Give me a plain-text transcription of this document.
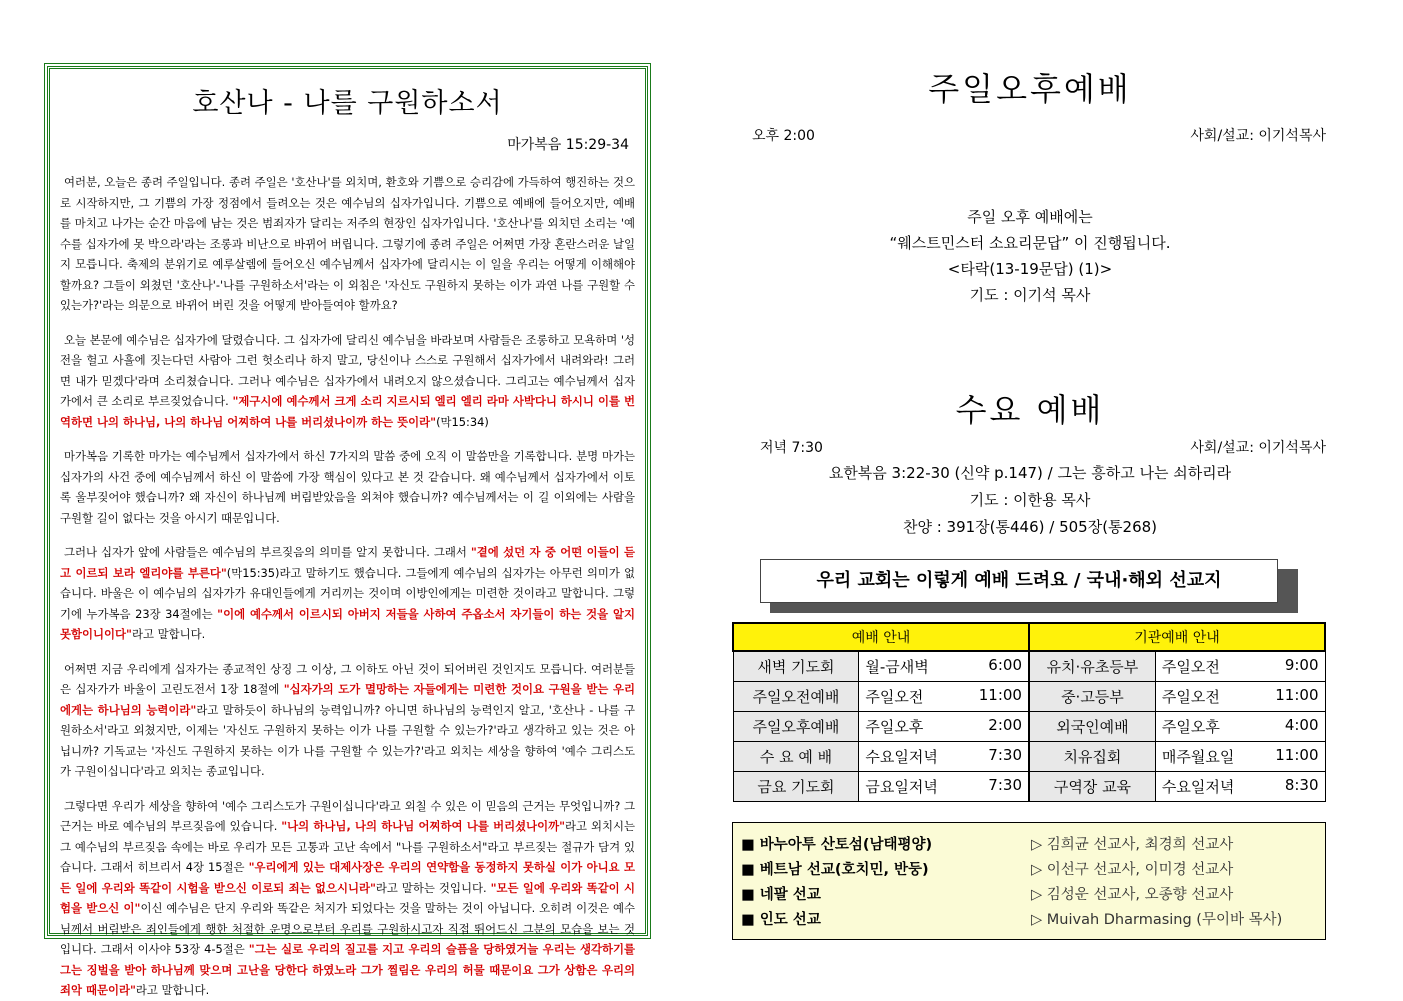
호산나 - 나를 구원하소서
마가복음 15:29-34

여러분, 오늘은 종려 주일입니다. 종려 주일은 '호산나'를 외치며, 환호와 기쁨으로 승리감에 가득하여 행진하는 것으로 시작하지만, 그 기쁨의 가장 정점에서 들려오는 것은 예수님의 십자가입니다. 기쁨으로 예배에 들어오지만, 예배를 마치고 나가는 순간 마음에 남는 것은 범죄자가 달리는 저주의 현장인 십자가입니다. '호산나'를 외치던 소리는 '예수를 십자가에 못 박으라'라는 조롱과 비난으로 바뀌어 버립니다. 그렇기에 종려 주일은 어쩌면 가장 혼란스러운 날일지 모릅니다. 축제의 분위기로 예루살렘에 들어오신 예수님께서 십자가에 달리시는 이 일을 우리는 어떻게 이해해야 할까요? 그들이 외쳤던 '호산나'-'나를 구원하소서'라는 이 외침은 '자신도 구원하지 못하는 이가 과연 나를 구원할 수 있는가?'라는 의문으로 바뀌어 버린 것을 어떻게 받아들여야 할까요?

오늘 본문에 예수님은 십자가에 달렸습니다. 그 십자가에 달리신 예수님을 바라보며 사람들은 조롱하고 모욕하며 '성전을 헐고 사흘에 짓는다던 사람아 그런 헛소리나 하지 말고, 당신이나 스스로 구원해서 십자가에서 내려와라! 그러면 내가 믿겠다'라며 소리쳤습니다. 그러나 예수님은 십자가에서 내려오지 않으셨습니다. 그리고는 예수님께서 십자가에서 큰 소리로 부르짖었습니다. "제구시에 예수께서 크게 소리 지르시되 엘리 엘리 라마 사박다니 하시니 이를 번역하면 나의 하나님, 나의 하나님 어찌하여 나를 버리셨나이까 하는 뜻이라"(막15:34)

마가복음 기록한 마가는 예수님께서 십자가에서 하신 7가지의 말씀 중에 오직 이 말씀만을 기록합니다. 분명 마가는 십자가의 사건 중에 예수님께서 하신 이 말씀에 가장 핵심이 있다고 본 것 같습니다. 왜 예수님께서 십자가에서 이토록 울부짖어야 했습니까? 왜 자신이 하나님께 버림받았음을 외쳐야 했습니까? 예수님께서는 이 길 이외에는 사람을 구원할 길이 없다는 것을 아시기 때문입니다.

그러나 십자가 앞에 사람들은 예수님의 부르짖음의 의미를 알지 못합니다. 그래서 "곁에 섰던 자 중 어떤 이들이 듣고 이르되 보라 엘리야를 부른다"(막15:35)라고 말하기도 했습니다. 그들에게 예수님의 십자가는 아무런 의미가 없습니다. 바울은 이 예수님의 십자가가 유대인들에게 거리끼는 것이며 이방인에게는 미련한 것이라고 말합니다. 그렇기에 누가복음 23장 34절에는 "이에 예수께서 이르시되 아버지 저들을 사하여 주옵소서 자기들이 하는 것을 알지 못함이니이다"라고 말합니다.

어쩌면 지금 우리에게 십자가는 종교적인 상징 그 이상, 그 이하도 아닌 것이 되어버린 것인지도 모릅니다. 여러분들은 십자가가 바울이 고린도전서 1장 18절에 "십자가의 도가 멸망하는 자들에게는 미련한 것이요 구원을 받는 우리에게는 하나님의 능력이라"라고 말하듯이 하나님의 능력입니까? 아니면 하나님의 능력인지 알고, '호산나 - 나를 구원하소서'라고 외쳤지만, 이제는 '자신도 구원하지 못하는 이가 나를 구원할 수 있는가?'라고 생각하고 있는 것은 아닙니까? 기독교는 '자신도 구원하지 못하는 이가 나를 구원할 수 있는가?'라고 외치는 세상을 향하여 '예수 그리스도가 구원이십니다'라고 외치는 종교입니다.

그렇다면 우리가 세상을 향하여 '예수 그리스도가 구원이십니다'라고 외칠 수 있은 이 믿음의 근거는 무엇입니까? 그 근거는 바로 예수님의 부르짖음에 있습니다. "나의 하나님, 나의 하나님 어찌하여 나를 버리셨나이까"라고 외치시는 그 예수님의 부르짖음 속에는 바로 우리가 모든 고통과 고난 속에서 "나를 구원하소서"라고 부르짖는 절규가 담겨 있습니다. 그래서 히브리서 4장 15절은 "우리에게 있는 대제사장은 우리의 연약함을 동정하지 못하실 이가 아니요 모든 일에 우리와 똑같이 시험을 받으신 이로되 죄는 없으시니라"라고 말하는 것입니다. "모든 일에 우리와 똑같이 시험을 받으신 이"이신 예수님은 단지 우리와 똑같은 처지가 되었다는 것을 말하는 것이 아닙니다. 오히려 이것은 예수님께서 버림받은 죄인들에게 행한 처절한 운명으로부터 우리를 구원하시고자 직접 뛰어드신 그분의 모습을 보는 것입니다. 그래서 이사야 53장 4-5절은 "그는 실로 우리의 질고를 지고 우리의 슬픔을 당하였거늘 우리는 생각하기를 그는 징벌을 받아 하나님께 맞으며 고난을 당한다 하였노라 그가 찔림은 우리의 허물 때문이요 그가 상함은 우리의 죄악 때문이라"라고 말합니다.

주일오후예배
오후 2:00	사회/설교: 이기석목사
주일 오후 예배에는
“웨스트민스터 소요리문답” 이 진행됩니다.
<타락(13-19문답) (1)>
기도 : 이기석 목사
수요 예배
저녁 7:30	사회/설교: 이기석목사
요한복음 3:22-30 (신약 p.147) / 그는 흥하고 나는 쇠하리라
기도 : 이한용 목사
찬양 : 391장(통446) / 505장(통268)
우리 교회는 이렇게 예배 드려요 / 국내·해외 선교지
예배 안내		기관예배 안내	
새벽 기도회	월-금새벽 6:00	유치·유초등부	주일오전 9:00

주일오전예배	주일오전 11:00	중·고등부	주일오전 11:00

주일오후예배	주일오후 2:00	외국인예배	주일오후 4:00

수 요 예 배	수요일저녁 7:30	치유집회	매주월요일 11:00

금요 기도회	금요일저녁 7:30	구역장 교육	수요일저녁 8:30
■ 바누아투 산토섬(남태평양)	▷ 김희균 선교사, 최경희 선교사
■ 베트남 선교(호치민, 반둥)	▷ 이선구 선교사, 이미경 선교사
■ 네팔 선교	▷ 김성운 선교사, 오종향 선교사
■ 인도 선교	▷ Muivah Dharmasing (무이바 목사)
